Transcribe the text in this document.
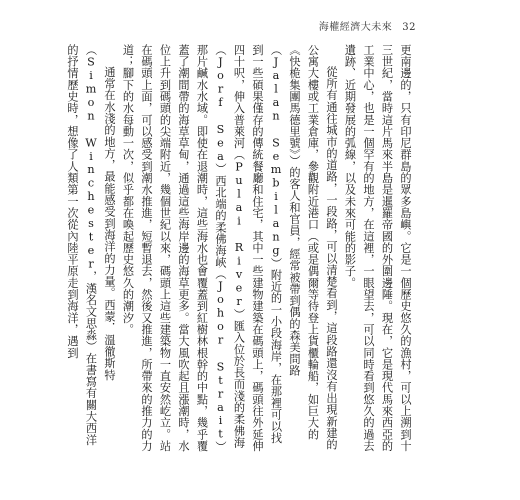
海權經濟大未來 32

更南邊的，只有印尼群島的眾多島嶼。它是一個歷史悠久的漁村，可以上溯到十三世紀，當時這片馬來半島是暹羅帝國的外圍邊陲。現在，它是現代馬來西亞的工業中心，也是一個罕有的地方，在這裡，一眼望去，可以同時看到悠久的過去遺跡、近期發展的弧線，以及未來可能的影子。

從所有通往城市的道路，一段路，可以清楚看到，這段路還沒有出現新建的公寓大樓或工業倉庫，參觀附近港口（或是偶爾等待登上貨櫃輪船，如巨大的《快桅集團馬德里號》）的客人和官員，經常被帶到偶的森美問路（Jalan Sembilang）附近的一小段海岸，在那裡可以找到一些碩果僅存的傳統餐廳和住宅，其中一些建物建築在碼頭上，碼頭往外延伸四十呎，伸入普萊河（Pulai River）匯入位於長而淺的柔佛海（Jorf Sea）西北端的柔佛海峽（Johor Strait）那片鹹水水域。即使在退潮時，這些海水也會覆蓋到紅樹林根幹的中點，幾乎覆蓋了潮間帶的海草草甸，通過這些海岸邊的海草更多。當大風吹起且漲潮時，水位上升到碼頭的尖端附近，幾個世紀以來，碼頭上這些建築物一直安然屹立。站在碼頭上面，可以感受到潮水推進，短暫退去，然後又推進，所帶來的推力的力道；腳下的水每動一次，似乎都在喚起歷史悠久的潮汐。

通常在水淺的地方，最能感受到海洋的力量。西蒙．溫徹斯特（Simon Winchester，漢名文思淼）在書寫有關大西洋的抒情歷史時，想像了人類第一次從內陸平原走到海洋，遇到
